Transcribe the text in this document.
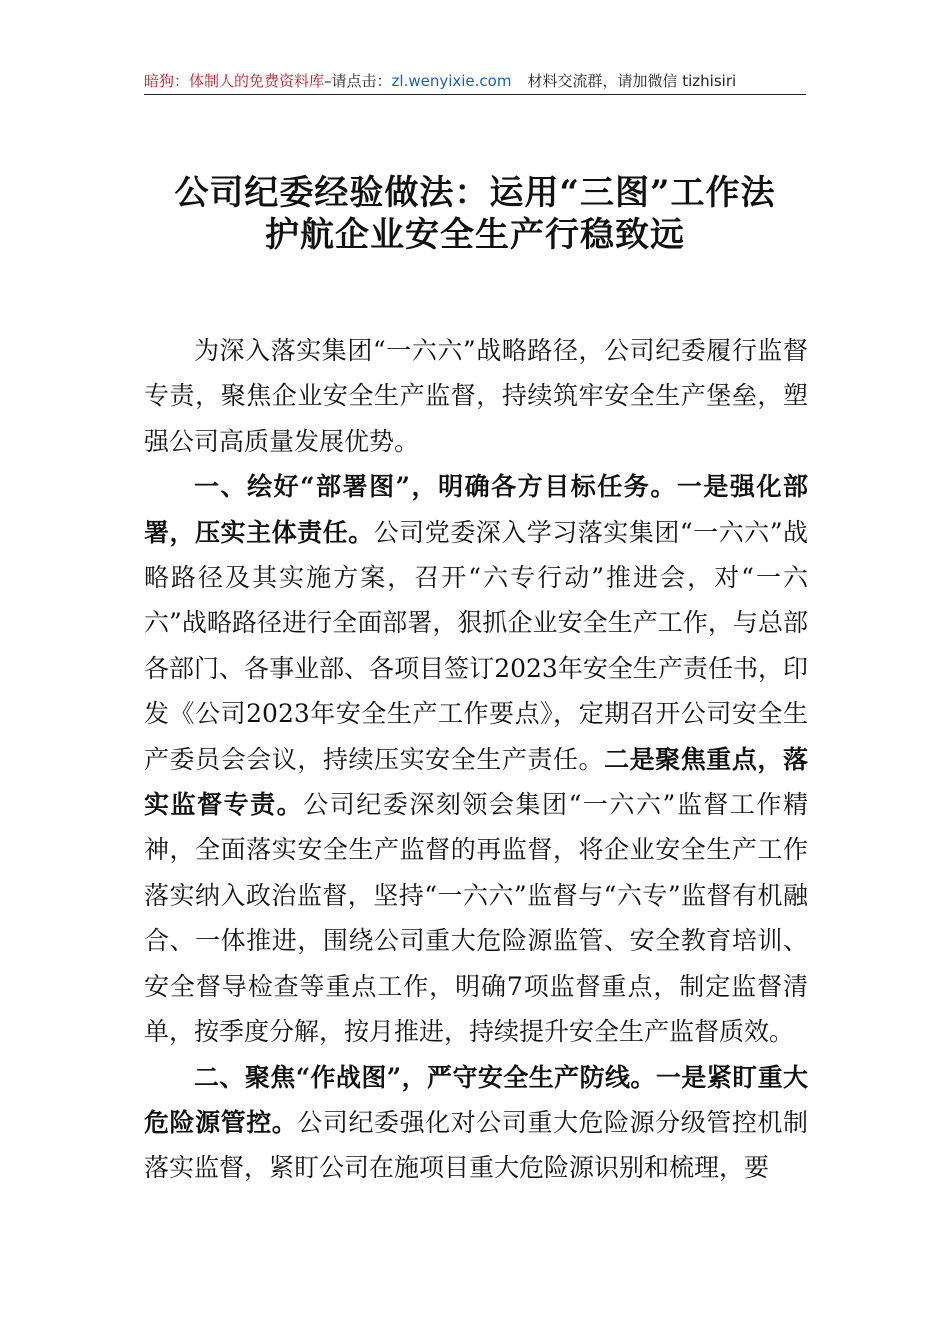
暗狗：体制人的免费资料库–请点击：zl.wenyixie.com 材料交流群，请加微信 tizhisiri
公司纪委经验做法：运用“三图”工作法
护航企业安全生产行稳致远

为深入落实集团“一六六”战略路径，公司纪委履行监督专责，聚焦企业安全生产监督，持续筑牢安全生产堡垒，塑强公司高质量发展优势。

一、绘好“部署图”，明确各方目标任务。一是强化部署，压实主体责任。公司党委深入学习落实集团“一六六”战略路径及其实施方案，召开“六专行动”推进会，对“一六六”战略路径进行全面部署，狠抓企业安全生产工作，与总部各部门、各事业部、各项目签订2023年安全生产责任书，印发《公司2023年安全生产工作要点》，定期召开公司安全生产委员会会议，持续压实安全生产责任。二是聚焦重点，落实监督专责。公司纪委深刻领会集团“一六六”监督工作精神，全面落实安全生产监督的再监督，将企业安全生产工作落实纳入政治监督，坚持“一六六”监督与“六专”监督有机融合、一体推进，围绕公司重大危险源监管、安全教育培训、安全督导检查等重点工作，明确7项监督重点，制定监督清单，按季度分解，按月推进，持续提升安全生产监督质效。

二、聚焦“作战图”，严守安全生产防线。一是紧盯重大危险源管控。公司纪委强化对公司重大危险源分级管控机制落实监督，紧盯公司在施项目重大危险源识别和梳理，要
